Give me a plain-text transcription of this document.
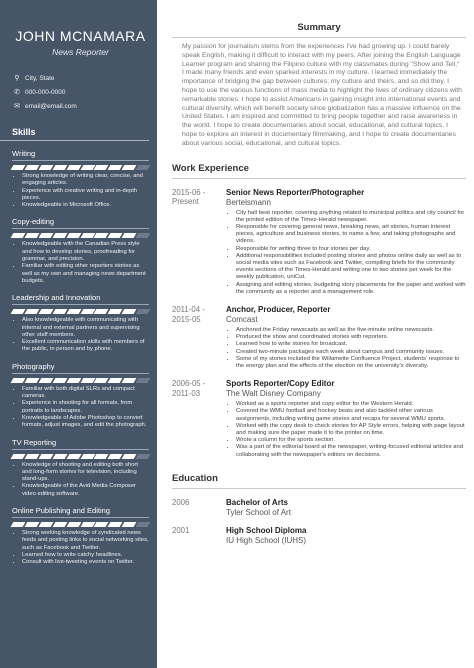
JOHN MCNAMARA
News Reporter
⚲ City, State
✆ 000-000-0000
✉ email@email.com
Skills
Writing
• Strong knowledge of writing clear, concise, and engaging articles.
• Experience with creative writing and in-depth pieces.
• Knowledgeable in Microsoft Office.
Copy-editing
• Knowledgeable with the Canadian Press style and how to develop stories, proofreading for grammar, and precision.
• Familiar with editing other reporters stories as well as my own and managing news department budgets.
Leadership and Innovation
• Also knowledgeable with communicating with internal and external partners and supervising other staff members.
• Excellent communication skills with members of the public, in person and by phone.
Photography
• Familiar with both digital SLRs and compact cameras.
• Experience in shooting for all formats, from portraits to landscapes.
• Knowledgeable of Adobe Photoshop to convert formats, adjust images, and edit the photograph.
TV Reporting
• Knowledge of shooting and editing both short and long-form stories for television, including stand-ups.
• Knowledgeable of the Avid Media Composer video editing software.
Online Publishing and Editing
• Strong working knowledge of syndicated news feeds and posting links to social networking sites, such as Facebook and Twitter.
• Learned how to write catchy headlines.
• Consult with live-tweeting events on Twitter.
Summary
My passion for journalism stems from the experiences I've had growing up. I could barely speak English, making it difficult to interact with my peers. After joining the English Language Learner program and sharing the Filipino culture with my classmates during "Show and Tell," I made many friends and even sparked interests in my culture. I learned immediately the importance of bridging the gap between cultures; my culture and theirs, and so did they. I hope to use the various functions of mass media to highlight the lives of ordinary citizens with remarkable stories. I hope to assist Americans in gaining insight into international events and cultural diversity, which will benefit society since globalization has a massive influence on the United States. I am inspired and committed to bring people together and raise awareness in the world. I hope to create documentaries about social, educational, and cultural topics. I hope to explore an interest in documentary filmmaking, and I hope to create documentaries about various social, educational, and cultural topics.
Work Experience
2015-06 - Present
Senior News Reporter/Photographer
Bertelsmann
• City hall beat reporter, covering anything related to municipal politics and city council for the printed edition of the Times-Herald newspaper.
• Responsible for covering general news, breaking news, art stories, human interest pieces, agriculture and business stories, to name a few, and taking photographs and videos.
• Responsible for writing three to four stories per day.
• Additional responsibilities included posting stories and photos online daily as well as to social media sites such as Facebook and Twitter, compiling briefs for the community events sections of the Times-Herald and writing one to two stories per week for the weekly publication, uniCut.
• Assigning and editing stories, budgeting story placements for the paper and worked with the community as a reporter and a management role.
2011-04 - 2015-05
Anchor, Producer, Reporter
Comcast
• Anchored the Friday newscasts as well as the five-minute online newscasts.
• Produced the show and coordinated stories with reporters.
• Learned how to write stories for broadcast.
• Created two-minute packages each week about campus and community issues.
• Some of my stories included the Willamette Confluence Project, students' response to the energy plan and the effects of the election on the university's diversity.
2006-05 - 2011-03
Sports Reporter/Copy Editor
The Walt Disney Company
• Worked as a sports reporter and copy editor for the Western Herald.
• Covered the WMU football and hockey beats and also tackled other various assignments, including writing game stories and recaps for several WMU sports.
• Worked with the copy desk to check stories for AP Style errors, helping with page layout and making sure the paper made it to the printer on time.
• Wrote a column for the sports section.
• Was a part of the editorial board at the newspaper, writing-focused editorial articles and collaborating with the newspaper's editors on decisions.
Education
2006	Bachelor of Arts
Tyler School of Art
2001	High School Diploma
IU High School (IUHS)
